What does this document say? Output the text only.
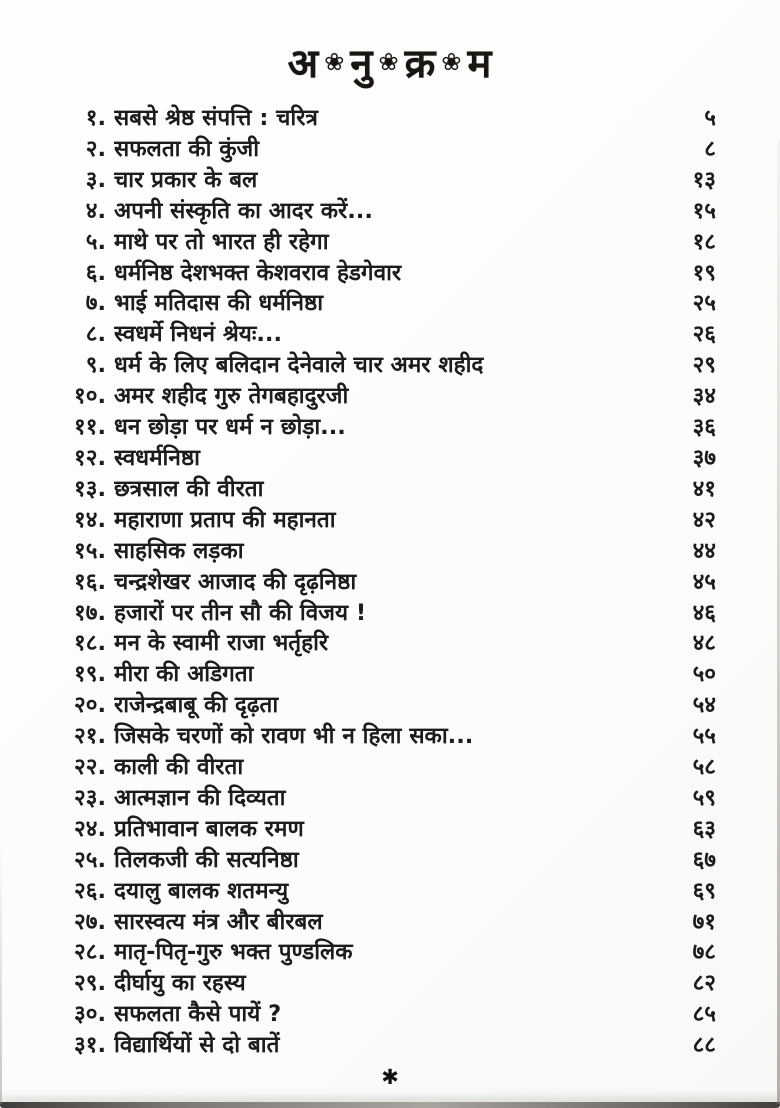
अ ❀ नु ❀ क्र ❀ म
१. सबसे श्रेष्ठ संपत्ति : चरित्र	५
२. सफलता की कुंजी	८
३. चार प्रकार के बल	१३
४. अपनी संस्कृति का आदर करें...	१५
५. माथे पर तो भारत ही रहेगा	१८
६. धर्मनिष्ठ देशभक्त केशवराव हेडगेवार	१९
७. भाई मतिदास की धर्मनिष्ठा	२५
८. स्वधर्मे निधनं श्रेयः...	२६
९. धर्म के लिए बलिदान देनेवाले चार अमर शहीद	२९
१०. अमर शहीद गुरु तेगबहादुरजी	३४
११. धन छोड़ा पर धर्म न छोड़ा...	३६
१२. स्वधर्मनिष्ठा	३७
१३. छत्रसाल की वीरता	४१
१४. महाराणा प्रताप की महानता	४२
१५. साहसिक लड़का	४४
१६. चन्द्रशेखर आजाद की दृढ़निष्ठा	४५
१७. हजारों पर तीन सौ की विजय !	४६
१८. मन के स्वामी राजा भर्तृहरि	४८
१९. मीरा की अडिगता	५०
२०. राजेन्द्रबाबू की दृढ़ता	५४
२१. जिसके चरणों को रावण भी न हिला सका...	५५
२२. काली की वीरता	५८
२३. आत्मज्ञान की दिव्यता	५९
२४. प्रतिभावान बालक रमण	६३
२५. तिलकजी की सत्यनिष्ठा	६७
२६. दयालु बालक शतमन्यु	६९
२७. सारस्वत्य मंत्र और बीरबल	७१
२८. मातृ-पितृ-गुरु भक्त पुण्डलिक	७८
२९. दीर्घायु का रहस्य	८२
३०. सफलता कैसे पायें ?	८५
३१. विद्यार्थियों से दो बातें	८८
✱
